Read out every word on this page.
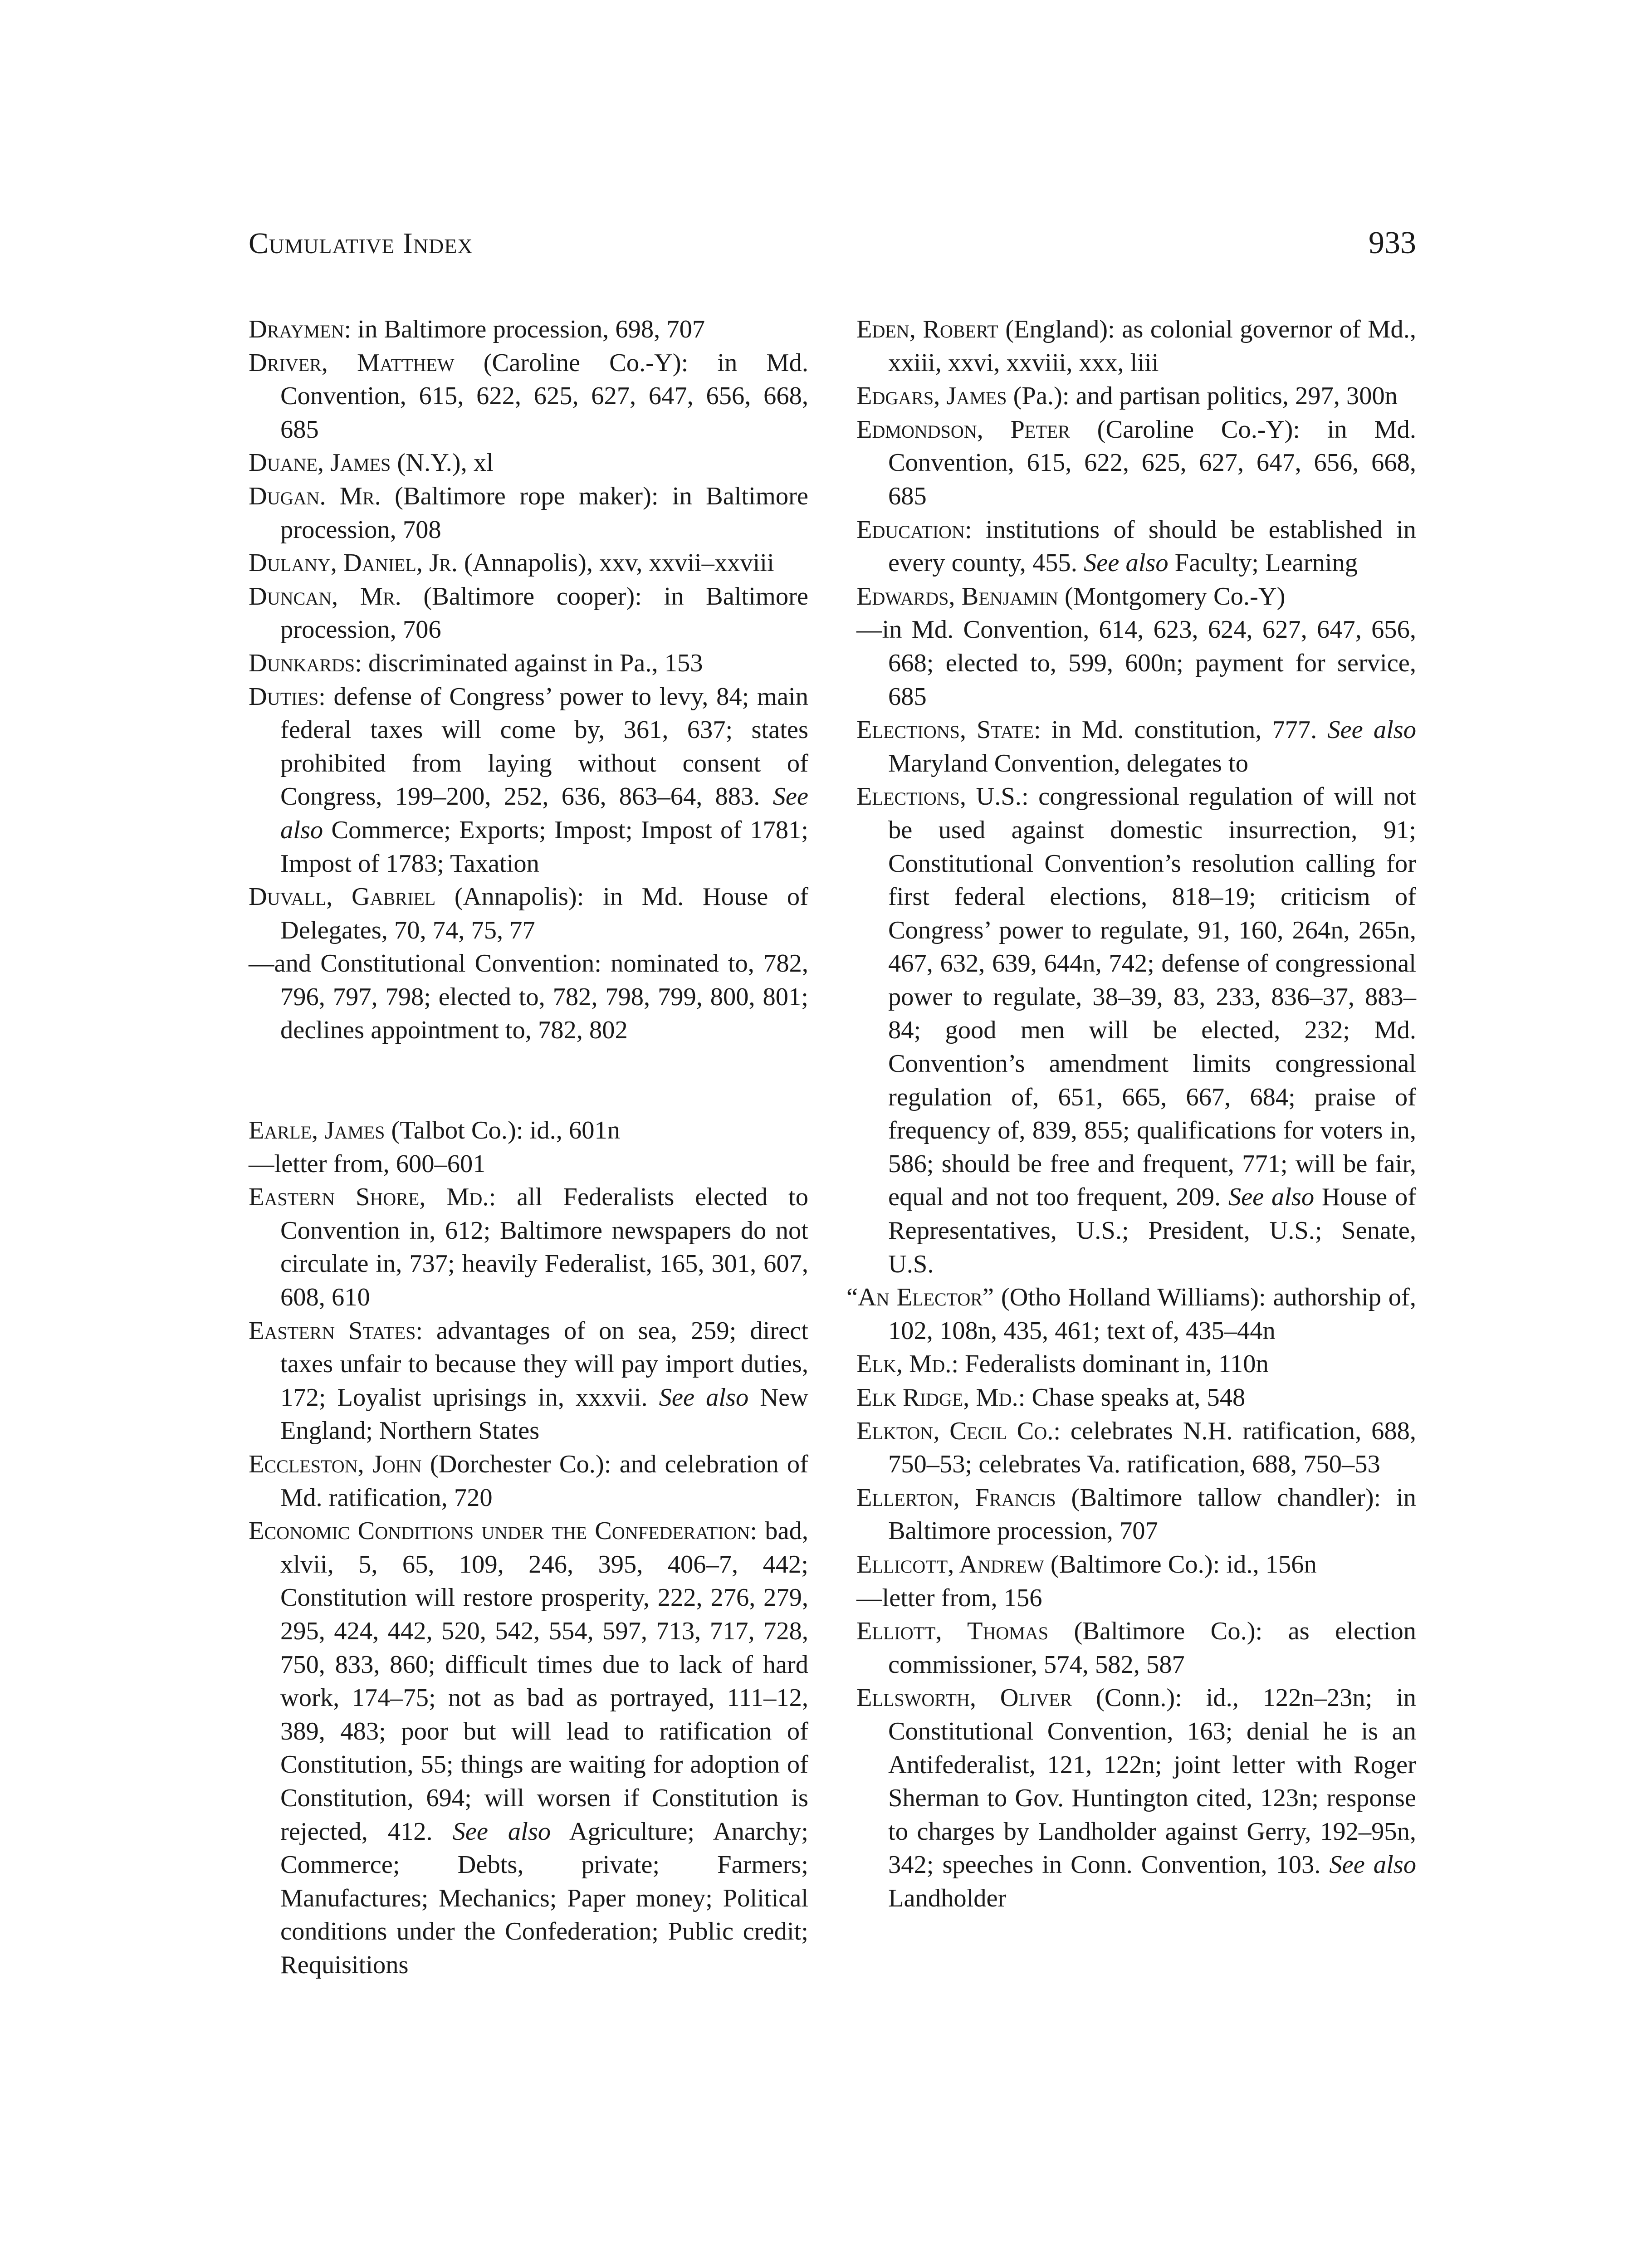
Cumulative Index	933

Draymen: in Baltimore procession, 698, 707

Driver, Matthew (Caroline Co.-Y): in Md. Convention, 615, 622, 625, 627, 647, 656, 668, 685

Duane, James (N.Y.), xl

Dugan. Mr. (Baltimore rope maker): in Baltimore procession, 708

Dulany, Daniel, Jr. (Annapolis), xxv, xxvii–xxviii

Duncan, Mr. (Baltimore cooper): in Baltimore procession, 706

Dunkards: discriminated against in Pa., 153

Duties: defense of Congress’ power to levy, 84; main federal taxes will come by, 361, 637; states prohibited from laying without consent of Congress, 199–200, 252, 636, 863–64, 883. See also Commerce; Exports; Impost; Impost of 1781; Impost of 1783; Taxation

Duvall, Gabriel (Annapolis): in Md. House of Delegates, 70, 74, 75, 77

—and Constitutional Convention: nominated to, 782, 796, 797, 798; elected to, 782, 798, 799, 800, 801; declines appointment to, 782, 802

Earle, James (Talbot Co.): id., 601n

—letter from, 600–601

Eastern Shore, Md.: all Federalists elected to Convention in, 612; Baltimore newspapers do not circulate in, 737; heavily Federalist, 165, 301, 607, 608, 610

Eastern States: advantages of on sea, 259; direct taxes unfair to because they will pay import duties, 172; Loyalist uprisings in, xxxvii. See also New England; Northern States

Eccleston, John (Dorchester Co.): and celebration of Md. ratification, 720

Economic Conditions under the Confederation: bad, xlvii, 5, 65, 109, 246, 395, 406–7, 442; Constitution will restore prosperity, 222, 276, 279, 295, 424, 442, 520, 542, 554, 597, 713, 717, 728, 750, 833, 860; difficult times due to lack of hard work, 174–75; not as bad as portrayed, 111–12, 389, 483; poor but will lead to ratification of Constitution, 55; things are waiting for adoption of Constitution, 694; will worsen if Constitution is rejected, 412. See also Agriculture; Anarchy; Commerce; Debts, private; Farmers; Manufactures; Mechanics; Paper money; Political conditions under the Confederation; Public credit; Requisitions

Eden, Robert (England): as colonial governor of Md., xxiii, xxvi, xxviii, xxx, liii

Edgars, James (Pa.): and partisan politics, 297, 300n

Edmondson, Peter (Caroline Co.-Y): in Md. Convention, 615, 622, 625, 627, 647, 656, 668, 685

Education: institutions of should be established in every county, 455. See also Faculty; Learning

Edwards, Benjamin (Montgomery Co.-Y)

—in Md. Convention, 614, 623, 624, 627, 647, 656, 668; elected to, 599, 600n; payment for service, 685

Elections, State: in Md. constitution, 777. See also Maryland Convention, delegates to

Elections, U.S.: congressional regulation of will not be used against domestic insurrection, 91; Constitutional Convention’s resolution calling for first federal elections, 818–19; criticism of Congress’ power to regulate, 91, 160, 264n, 265n, 467, 632, 639, 644n, 742; defense of congressional power to regulate, 38–39, 83, 233, 836–37, 883–84; good men will be elected, 232; Md. Convention’s amendment limits congressional regulation of, 651, 665, 667, 684; praise of frequency of, 839, 855; qualifications for voters in, 586; should be free and frequent, 771; will be fair, equal and not too frequent, 209. See also House of Representatives, U.S.; President, U.S.; Senate, U.S.

“An Elector” (Otho Holland Williams): authorship of, 102, 108n, 435, 461; text of, 435–44n

Elk, Md.: Federalists dominant in, 110n

Elk Ridge, Md.: Chase speaks at, 548

Elkton, Cecil Co.: celebrates N.H. ratification, 688, 750–53; celebrates Va. ratification, 688, 750–53

Ellerton, Francis (Baltimore tallow chandler): in Baltimore procession, 707

Ellicott, Andrew (Baltimore Co.): id., 156n

—letter from, 156

Elliott, Thomas (Baltimore Co.): as election commissioner, 574, 582, 587

Ellsworth, Oliver (Conn.): id., 122n–23n; in Constitutional Convention, 163; denial he is an Antifederalist, 121, 122n; joint letter with Roger Sherman to Gov. Huntington cited, 123n; response to charges by Landholder against Gerry, 192–95n, 342; speeches in Conn. Convention, 103. See also Landholder
